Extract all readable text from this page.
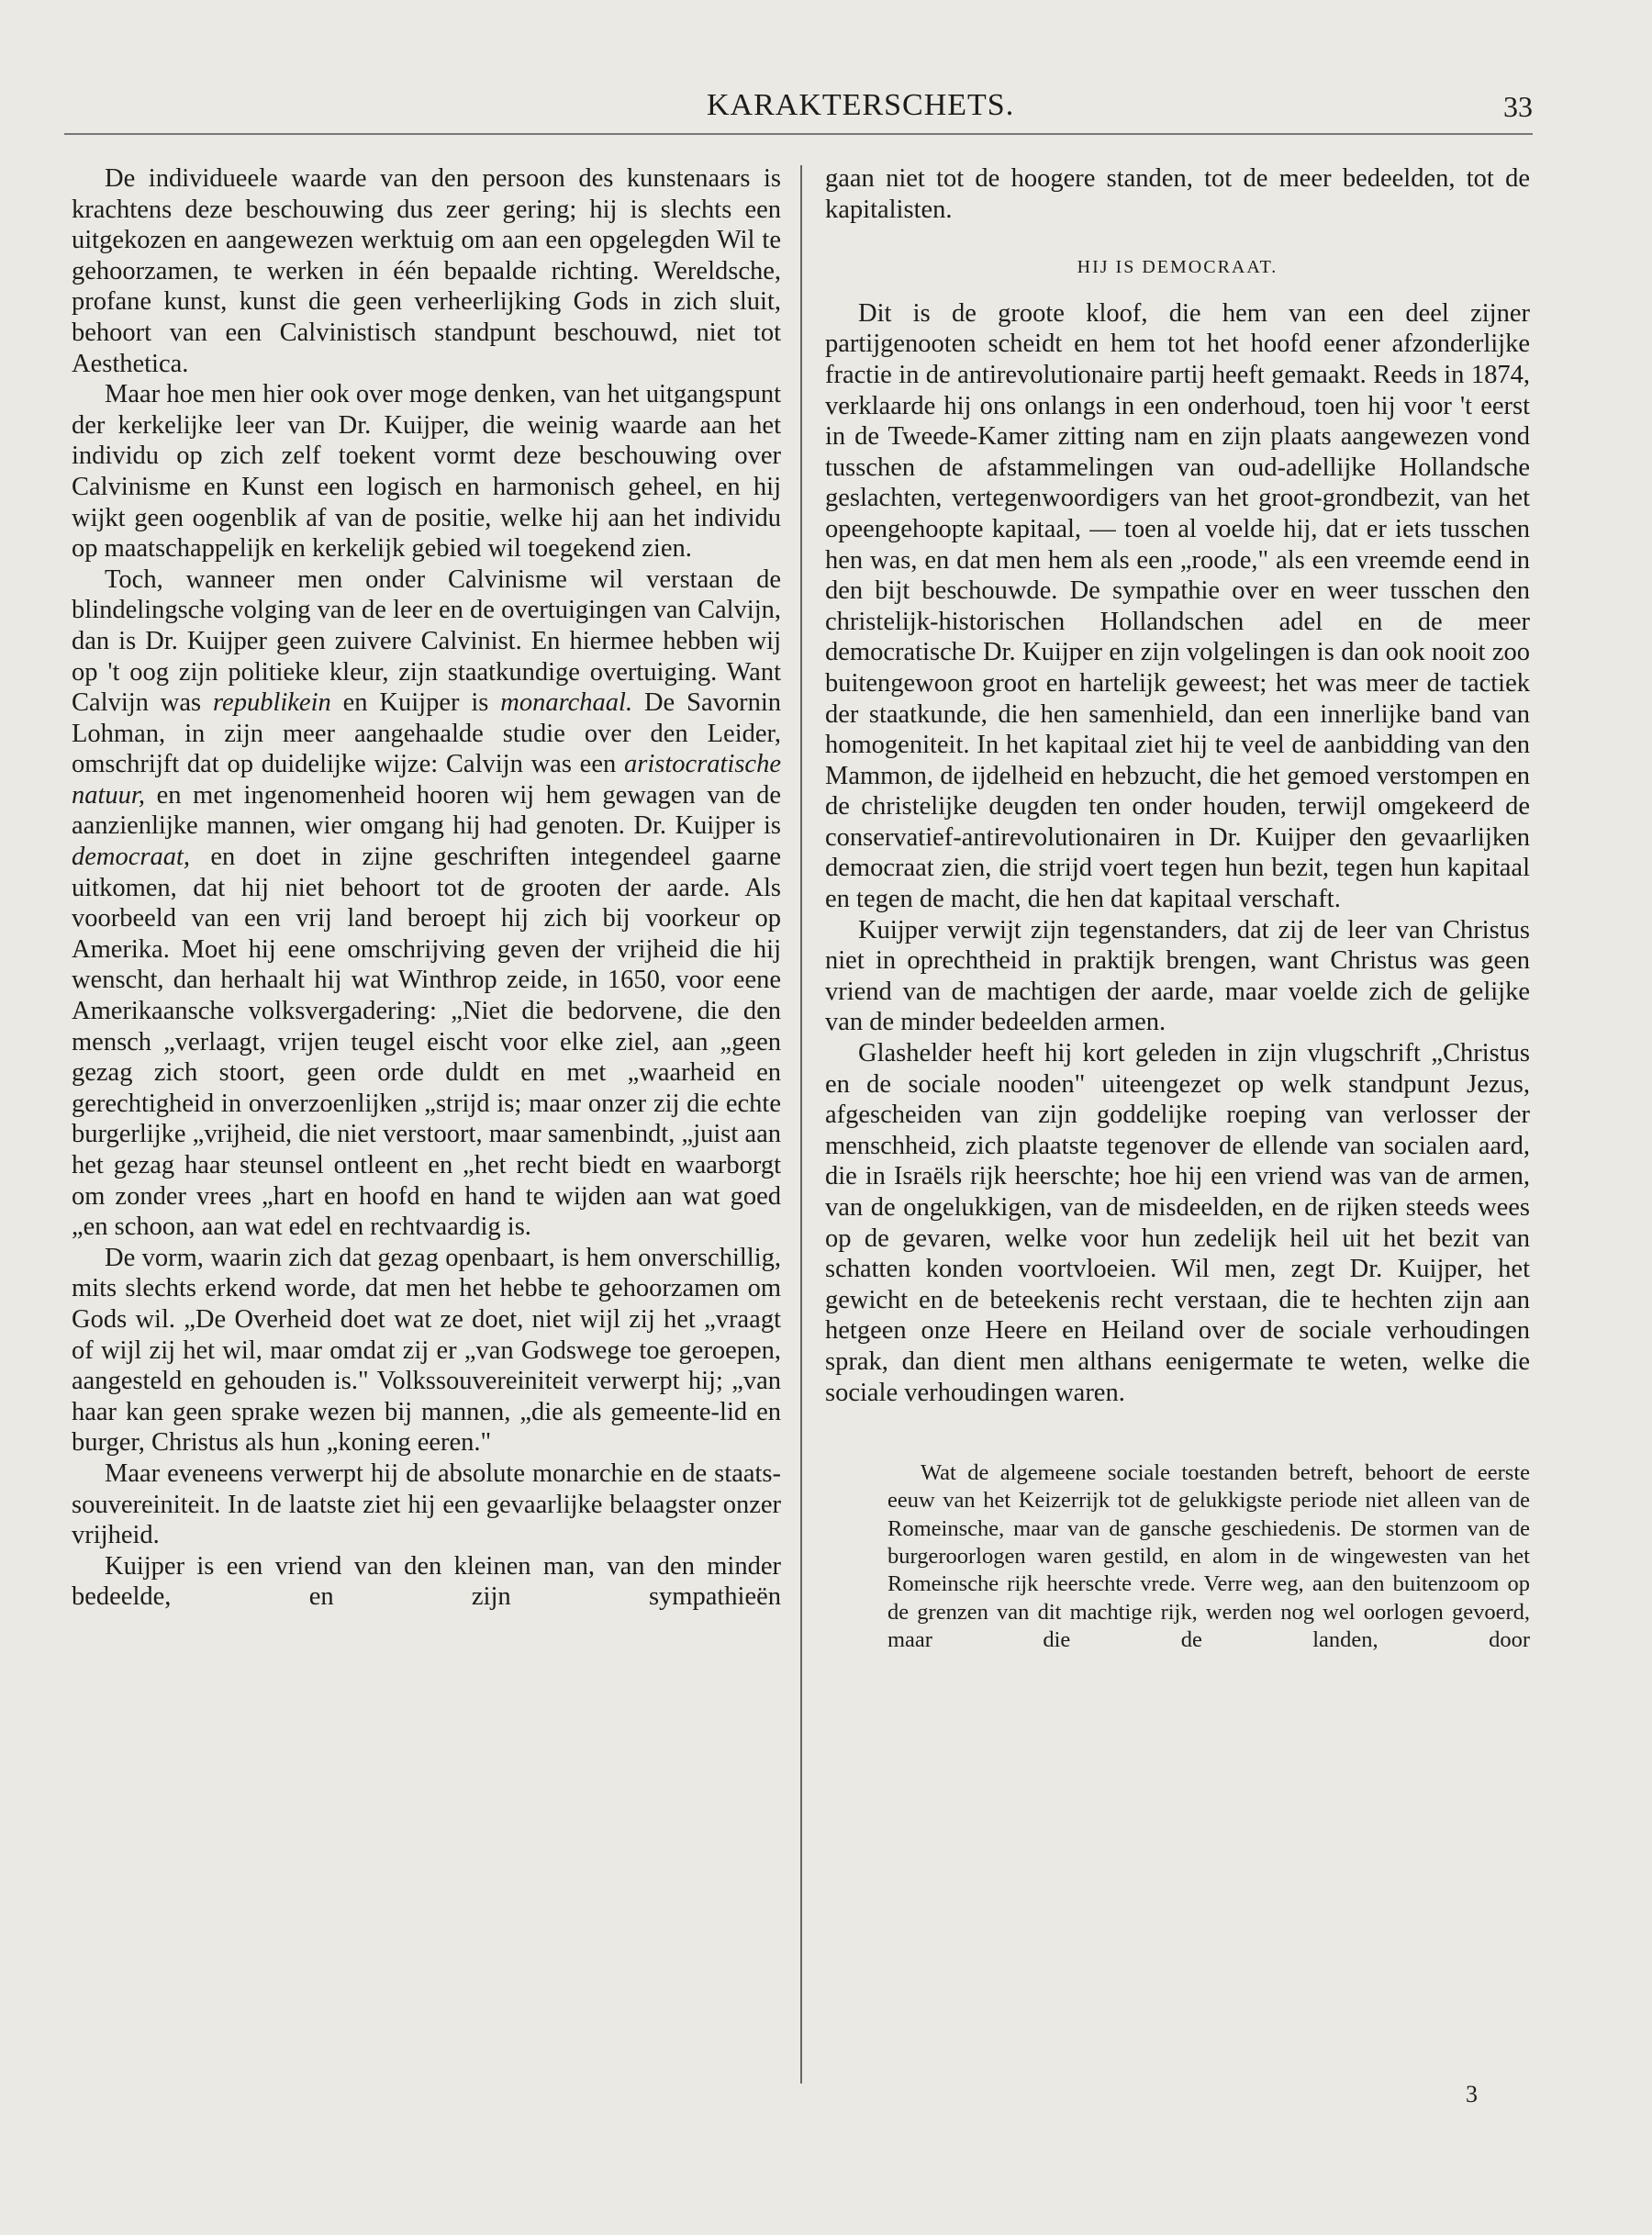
KARAKTERSCHETS.	33

De individueele waarde van den persoon des kunstenaars is krachtens deze beschouwing dus zeer gering; hij is slechts een uitgekozen en aangewezen werktuig om aan een opgelegden Wil te gehoorzamen, te werken in één bepaalde richting. Wereldsche, profane kunst, kunst die geen verheerlijking Gods in zich sluit, behoort van een Calvinistisch standpunt beschouwd, niet tot Aesthetica.

Maar hoe men hier ook over moge denken, van het uitgangspunt der kerkelijke leer van Dr. Kuijper, die weinig waarde aan het individu op zich zelf toekent vormt deze beschouwing over Calvinisme en Kunst een logisch en harmonisch geheel, en hij wijkt geen oogenblik af van de positie, welke hij aan het individu op maatschappelijk en kerkelijk gebied wil toegekend zien.

Toch, wanneer men onder Calvinisme wil verstaan de blindelingsche volging van de leer en de overtuigingen van Calvijn, dan is Dr. Kuijper geen zuivere Calvinist. En hiermee hebben wij op 't oog zijn politieke kleur, zijn staatkundige overtuiging. Want Calvijn was republikein en Kuijper is monarchaal. De Savornin Lohman, in zijn meer aangehaalde studie over den Leider, omschrijft dat op duidelijke wijze: Calvijn was een aristocratische natuur, en met ingenomenheid hooren wij hem gewagen van de aanzienlijke mannen, wier omgang hij had genoten. Dr. Kuijper is democraat, en doet in zijne geschriften integendeel gaarne uitkomen, dat hij niet behoort tot de grooten der aarde. Als voorbeeld van een vrij land beroept hij zich bij voorkeur op Amerika. Moet hij eene omschrijving geven der vrijheid die hij wenscht, dan herhaalt hij wat Winthrop zeide, in 1650, voor eene Amerikaansche volksvergadering: „Niet die bedorvene, die den mensch „verlaagt, vrijen teugel eischt voor elke ziel, aan „geen gezag zich stoort, geen orde duldt en met „waarheid en gerechtigheid in onverzoenlijken „strijd is; maar onzer zij die echte burgerlijke „vrijheid, die niet verstoort, maar samenbindt, „juist aan het gezag haar steunsel ontleent en „het recht biedt en waarborgt om zonder vrees „hart en hoofd en hand te wijden aan wat goed „en schoon, aan wat edel en rechtvaardig is.

De vorm, waarin zich dat gezag openbaart, is hem onverschillig, mits slechts erkend worde, dat men het hebbe te gehoorzamen om Gods wil. „De Overheid doet wat ze doet, niet wijl zij het „vraagt of wijl zij het wil, maar omdat zij er „van Godswege toe geroepen, aangesteld en gehouden is." Volkssouvereiniteit verwerpt hij; „van haar kan geen sprake wezen bij mannen, „die als gemeente-lid en burger, Christus als hun „koning eeren."

Maar eveneens verwerpt hij de absolute monarchie en de staats-souvereiniteit. In de laatste ziet hij een gevaarlijke belaagster onzer vrijheid.

Kuijper is een vriend van den kleinen man, van den minder bedeelde, en zijn sympathieën

gaan niet tot de hoogere standen, tot de meer bedeelden, tot de kapitalisten.

HIJ IS DEMOCRAAT.

Dit is de groote kloof, die hem van een deel zijner partijgenooten scheidt en hem tot het hoofd eener afzonderlijke fractie in de antirevolutionaire partij heeft gemaakt. Reeds in 1874, verklaarde hij ons onlangs in een onderhoud, toen hij voor 't eerst in de Tweede-Kamer zitting nam en zijn plaats aangewezen vond tusschen de afstammelingen van oud-adellijke Hollandsche geslachten, vertegenwoordigers van het groot-grondbezit, van het opeengehoopte kapitaal, — toen al voelde hij, dat er iets tusschen hen was, en dat men hem als een „roode," als een vreemde eend in den bijt beschouwde. De sympathie over en weer tusschen den christelijk-historischen Hollandschen adel en de meer democratische Dr. Kuijper en zijn volgelingen is dan ook nooit zoo buitengewoon groot en hartelijk geweest; het was meer de tactiek der staatkunde, die hen samenhield, dan een innerlijke band van homogeniteit. In het kapitaal ziet hij te veel de aanbidding van den Mammon, de ijdelheid en hebzucht, die het gemoed verstompen en de christelijke deugden ten onder houden, terwijl omgekeerd de conservatief-antirevolutionairen in Dr. Kuijper den gevaarlijken democraat zien, die strijd voert tegen hun bezit, tegen hun kapitaal en tegen de macht, die hen dat kapitaal verschaft.

Kuijper verwijt zijn tegenstanders, dat zij de leer van Christus niet in oprechtheid in praktijk brengen, want Christus was geen vriend van de machtigen der aarde, maar voelde zich de gelijke van de minder bedeelden armen.

Glashelder heeft hij kort geleden in zijn vlugschrift „Christus en de sociale nooden" uiteengezet op welk standpunt Jezus, afgescheiden van zijn goddelijke roeping van verlosser der menschheid, zich plaatste tegenover de ellende van socialen aard, die in Israëls rijk heerschte; hoe hij een vriend was van de armen, van de ongelukkigen, van de misdeelden, en de rijken steeds wees op de gevaren, welke voor hun zedelijk heil uit het bezit van schatten konden voortvloeien. Wil men, zegt Dr. Kuijper, het gewicht en de beteekenis recht verstaan, die te hechten zijn aan hetgeen onze Heere en Heiland over de sociale verhoudingen sprak, dan dient men althans eenigermate te weten, welke die sociale verhoudingen waren.

Wat de algemeene sociale toestanden betreft, behoort de eerste eeuw van het Keizerrijk tot de gelukkigste periode niet alleen van de Romeinsche, maar van de gansche geschiedenis. De stormen van de burgeroorlogen waren gestild, en alom in de wingewesten van het Romeinsche rijk heerschte vrede. Verre weg, aan den buitenzoom op de grenzen van dit machtige rijk, werden nog wel oorlogen gevoerd, maar die de landen, door

3
